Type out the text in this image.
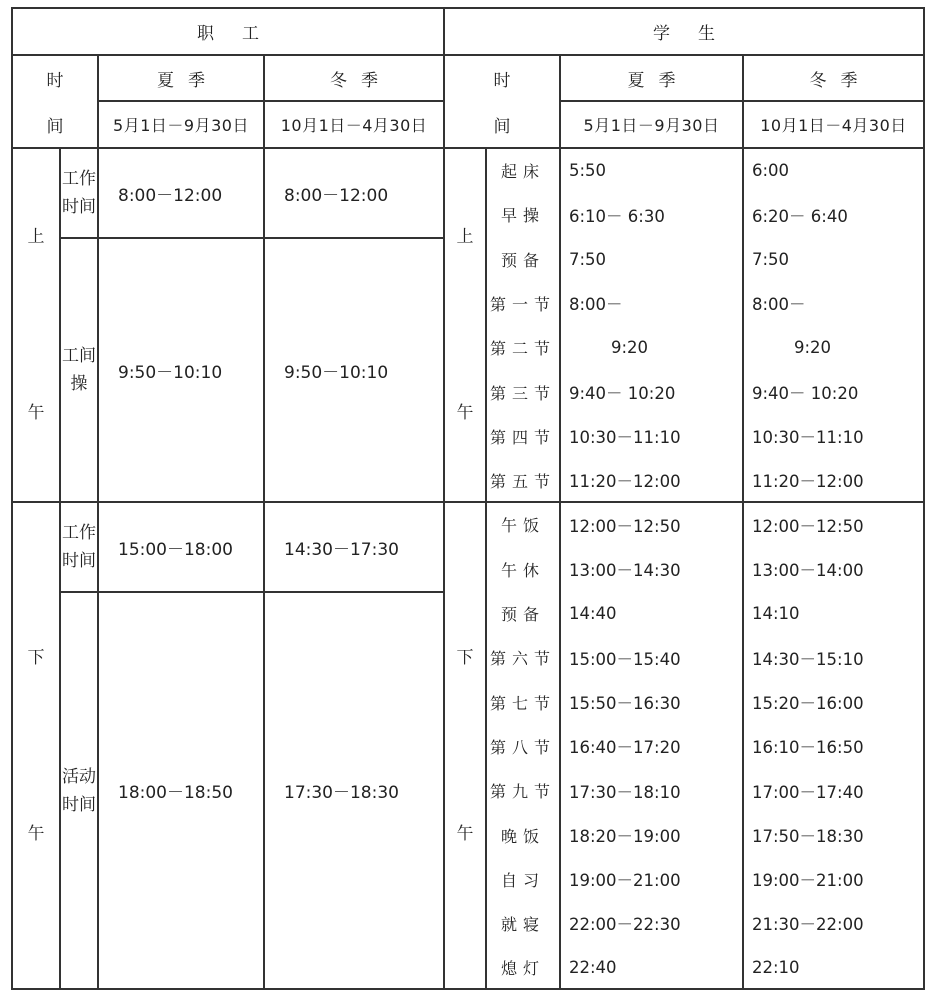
职工
时
间
夏季	冬季
5月1日－9月30日 10月1日－4月30日
上

午
工作
时间
8:00－12:00	8:00－12:00
工间
操
9:50－10:10	9:50－10:10
下

午
工作
时间
15:00－18:00	14:30－17:30
活动
时间
18:00－18:50	17:30－18:30
学生
时
间
夏季	冬季
5月1日－9月30日	10月1日－4月30日
上

午
下

午
起床	5:50	6:00
早操	6:10－ 6:30	6:20－ 6:40
预备	7:50	7:50
第一节 8:00－	8:00－
第二节 9:20	9:20
第三节 9:40－ 10:20	9:40－ 10:20
第四节 10:30－11:10	10:30－11:10
第五节 11:20－12:00	11:20－12:00
午饭	12:00－12:50	12:00－12:50
午休	13:00－14:30	13:00－14:00
预备	14:40	14:10
第六节 15:00－15:40	14:30－15:10
第七节 15:50－16:30	15:20－16:00
第八节 16:40－17:20	16:10－16:50
第九节 17:30－18:10	17:00－17:40
晚饭	18:20－19:00	17:50－18:30
自习	19:00－21:00	19:00－21:00
就寝	22:00－22:30	21:30－22:00
熄灯	22:40	22:10
